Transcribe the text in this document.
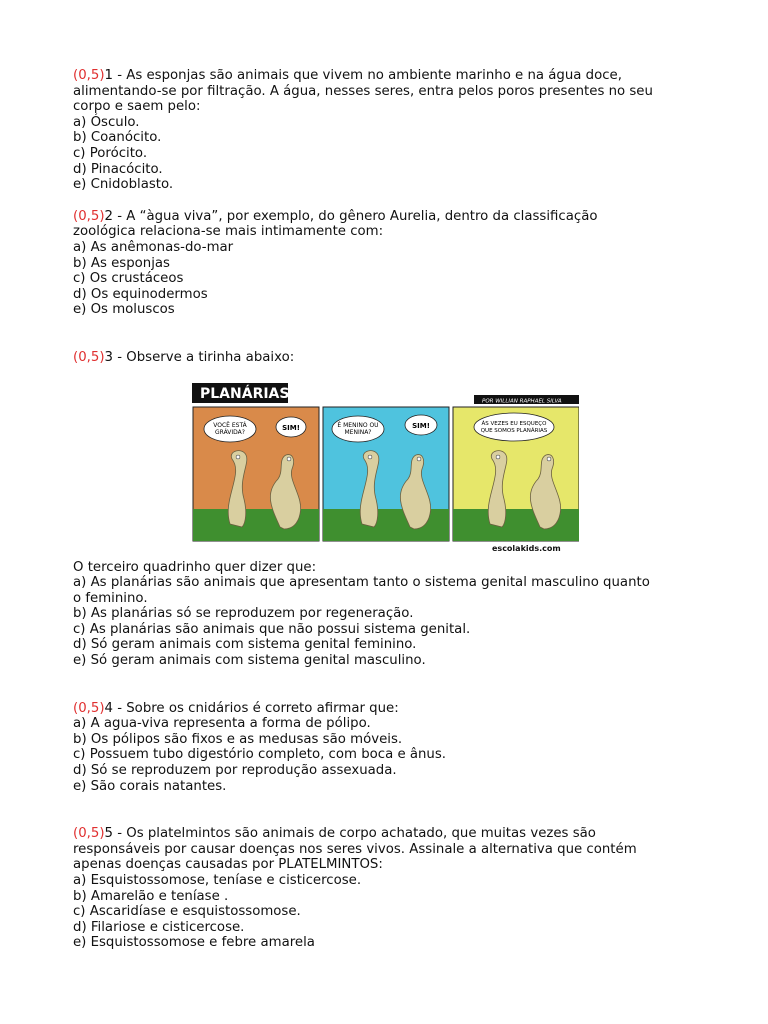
(0,5)1 - As esponjas são animais que vivem no ambiente marinho e na água doce,

alimentando-se por filtração. A água, nesses seres, entra pelos poros presentes no seu

corpo e saem pelo:

a) Ósculo.

b) Coanócito.

c) Porócito.

d) Pinacócito.

e) Cnidoblasto.

(0,5)2 - A “àgua viva”, por exemplo, do gênero Aurelia, dentro da classificação

zoológica relaciona-se mais intimamente com:

a) As anêmonas-do-mar

b) As esponjas

c) Os crustáceos

d) Os equinodermos

e) Os moluscos

(0,5)3 - Observe a tirinha abaixo:

PLANÁRIAS	POR WILLIAN RAPHAEL SILVA
VOCÊ ESTÁ
GRÁVIDA?
SIM!	É MENINO OU
MENINA?
SIM!	ÀS VEZES EU ESQUEÇO
QUE SOMOS PLANÁRIAS
escolakids.com

O terceiro quadrinho quer dizer que:

a) As planárias são animais que apresentam tanto o sistema genital masculino quanto

o feminino.

b) As planárias só se reproduzem por regeneração.

c) As planárias são animais que não possui sistema genital.

d) Só geram animais com sistema genital feminino.

e) Só geram animais com sistema genital masculino.

(0,5)4 - Sobre os cnidários é correto afirmar que:

a) A agua-viva representa a forma de pólipo.

b) Os pólipos são fixos e as medusas são móveis.

c) Possuem tubo digestório completo, com boca e ânus.

d) Só se reproduzem por reprodução assexuada.

e) São corais natantes.

(0,5)5 - Os platelmintos são animais de corpo achatado, que muitas vezes são

responsáveis por causar doenças nos seres vivos. Assinale a alternativa que contém

apenas doenças causadas por PLATELMINTOS:

a) Esquistossomose, teníase e cisticercose.

b) Amarelão e teníase .

c) Ascaridíase e esquistossomose.

d) Filariose e cisticercose.

e) Esquistossomose e febre amarela
